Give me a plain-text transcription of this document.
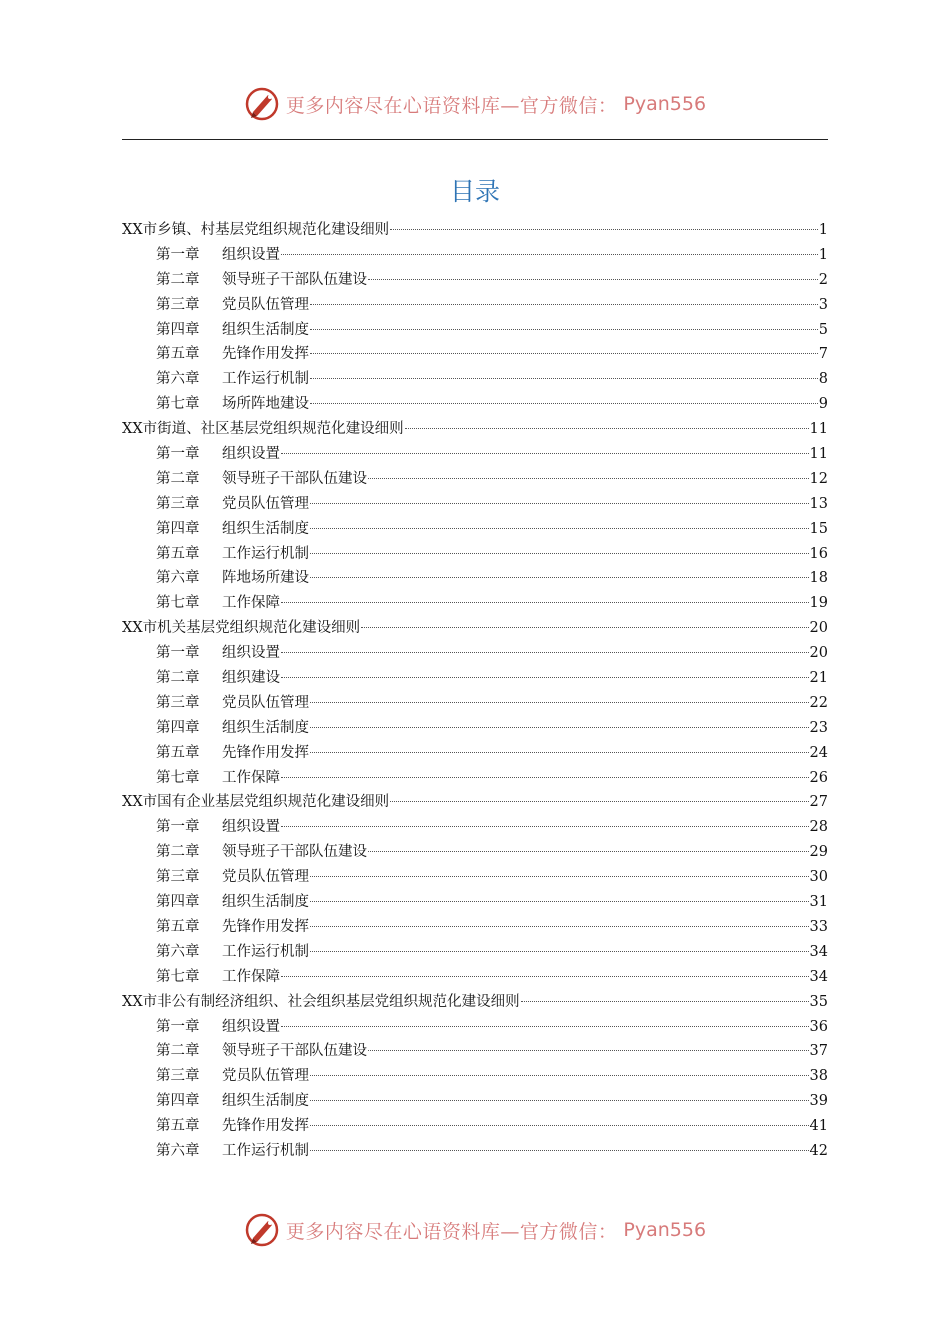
更多内容尽在心语资料库—官方微信： Pyan556
目录
XX市乡镇、村基层党组织规范化建设细则	1
第一章 组织设置	1
第二章 领导班子干部队伍建设	2
第三章 党员队伍管理	3
第四章 组织生活制度	5
第五章 先锋作用发挥	7
第六章 工作运行机制	8
第七章 场所阵地建设	9
XX市街道、社区基层党组织规范化建设细则	11
第一章 组织设置	11
第二章 领导班子干部队伍建设	12
第三章 党员队伍管理	13
第四章 组织生活制度	15
第五章 工作运行机制	16
第六章 阵地场所建设	18
第七章 工作保障	19
XX市机关基层党组织规范化建设细则	20
第一章 组织设置	20
第二章 组织建设	21
第三章 党员队伍管理	22
第四章 组织生活制度	23
第五章 先锋作用发挥	24
第七章 工作保障	26
XX市国有企业基层党组织规范化建设细则	27
第一章 组织设置	28
第二章 领导班子干部队伍建设	29
第三章 党员队伍管理	30
第四章 组织生活制度	31
第五章 先锋作用发挥	33
第六章 工作运行机制	34
第七章 工作保障	34
XX市非公有制经济组织、社会组织基层党组织规范化建设细则	35
第一章 组织设置	36
第二章 领导班子干部队伍建设	37
第三章 党员队伍管理	38
第四章 组织生活制度	39
第五章 先锋作用发挥	41
第六章 工作运行机制	42
更多内容尽在心语资料库—官方微信： Pyan556
